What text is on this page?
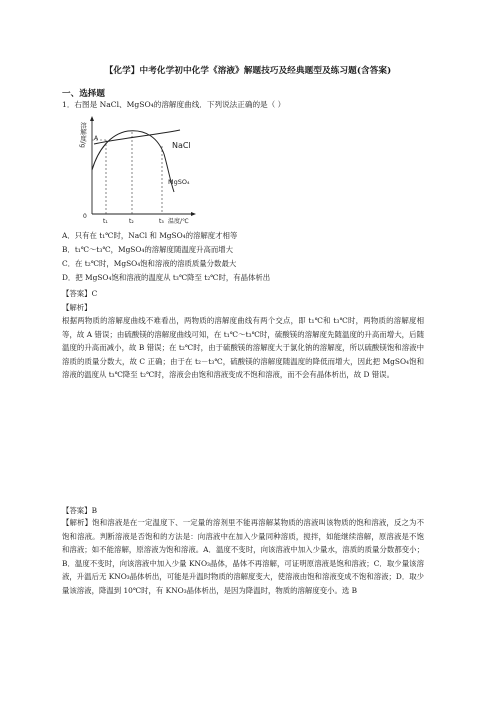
【化学】中考化学初中化学《溶液》解题技巧及经典题型及练习题(含答案)
一、选择题
1．右图是 NaCl、MgSO₄的溶解度曲线．下列说法正确的是（ ）
溶解度/g A
NaCl
MgSO₄
0
t₁	t₂	t₃ 温度/℃
A．只有在 t₁℃时，NaCl 和 MgSO₄的溶解度才相等
B．t₁℃～t₃℃，MgSO₄的溶解度随温度升高而增大
C．在 t₂℃时，MgSO₄饱和溶液的溶质质量分数最大
D．把 MgSO₄饱和溶液的温度从 t₃℃降至 t₂℃时，有晶体析出
【答案】C
【解析】
根据两物质的溶解度曲线不难看出，两物质的溶解度曲线有两个交点，即 t₁℃和 t₃℃时，两物质的溶解度相等，故 A 错误；由硫酸镁的溶解度曲线可知，在 t₁℃～t₃℃时，硫酸镁的溶解度先随温度的升高而增大，后随温度的升高而减小，故 B 错误；在 t₂℃时，由于硫酸镁的溶解度大于氯化钠的溶解度，所以硫酸镁饱和溶液中溶质的质量分数大，故 C 正确；由于在 t₂－t₃℃，硫酸镁的溶解度随温度的降低而增大，因此把 MgSO₄饱和溶液的温度从 t₃℃降至 t₂℃时，溶液会由饱和溶液变成不饱和溶液，而不会有晶体析出，故 D 错误。
【答案】B
【解析】饱和溶液是在一定温度下、一定量的溶剂里不能再溶解某物质的溶液叫该物质的饱和溶液，反之为不饱和溶液。判断溶液是否饱和的方法是：向溶液中在加入少量同种溶质，搅拌，如能继续溶解，原溶液是不饱和溶液；如不能溶解，原溶液为饱和溶液。A．温度不变时，向该溶液中加入少量水，溶质的质量分数都变小；B．温度不变时，向该溶液中加入少量 KNO₃晶体，晶体不再溶解，可证明原溶液是饱和溶液；C．取少量该溶液，升温后无 KNO₃晶体析出，可能是升温时物质的溶解度变大，使溶液由饱和溶液变成不饱和溶液；D．取少量该溶液，降温到 10℃时，有 KNO₃晶体析出，是因为降温时，物质的溶解度变小。选 B
